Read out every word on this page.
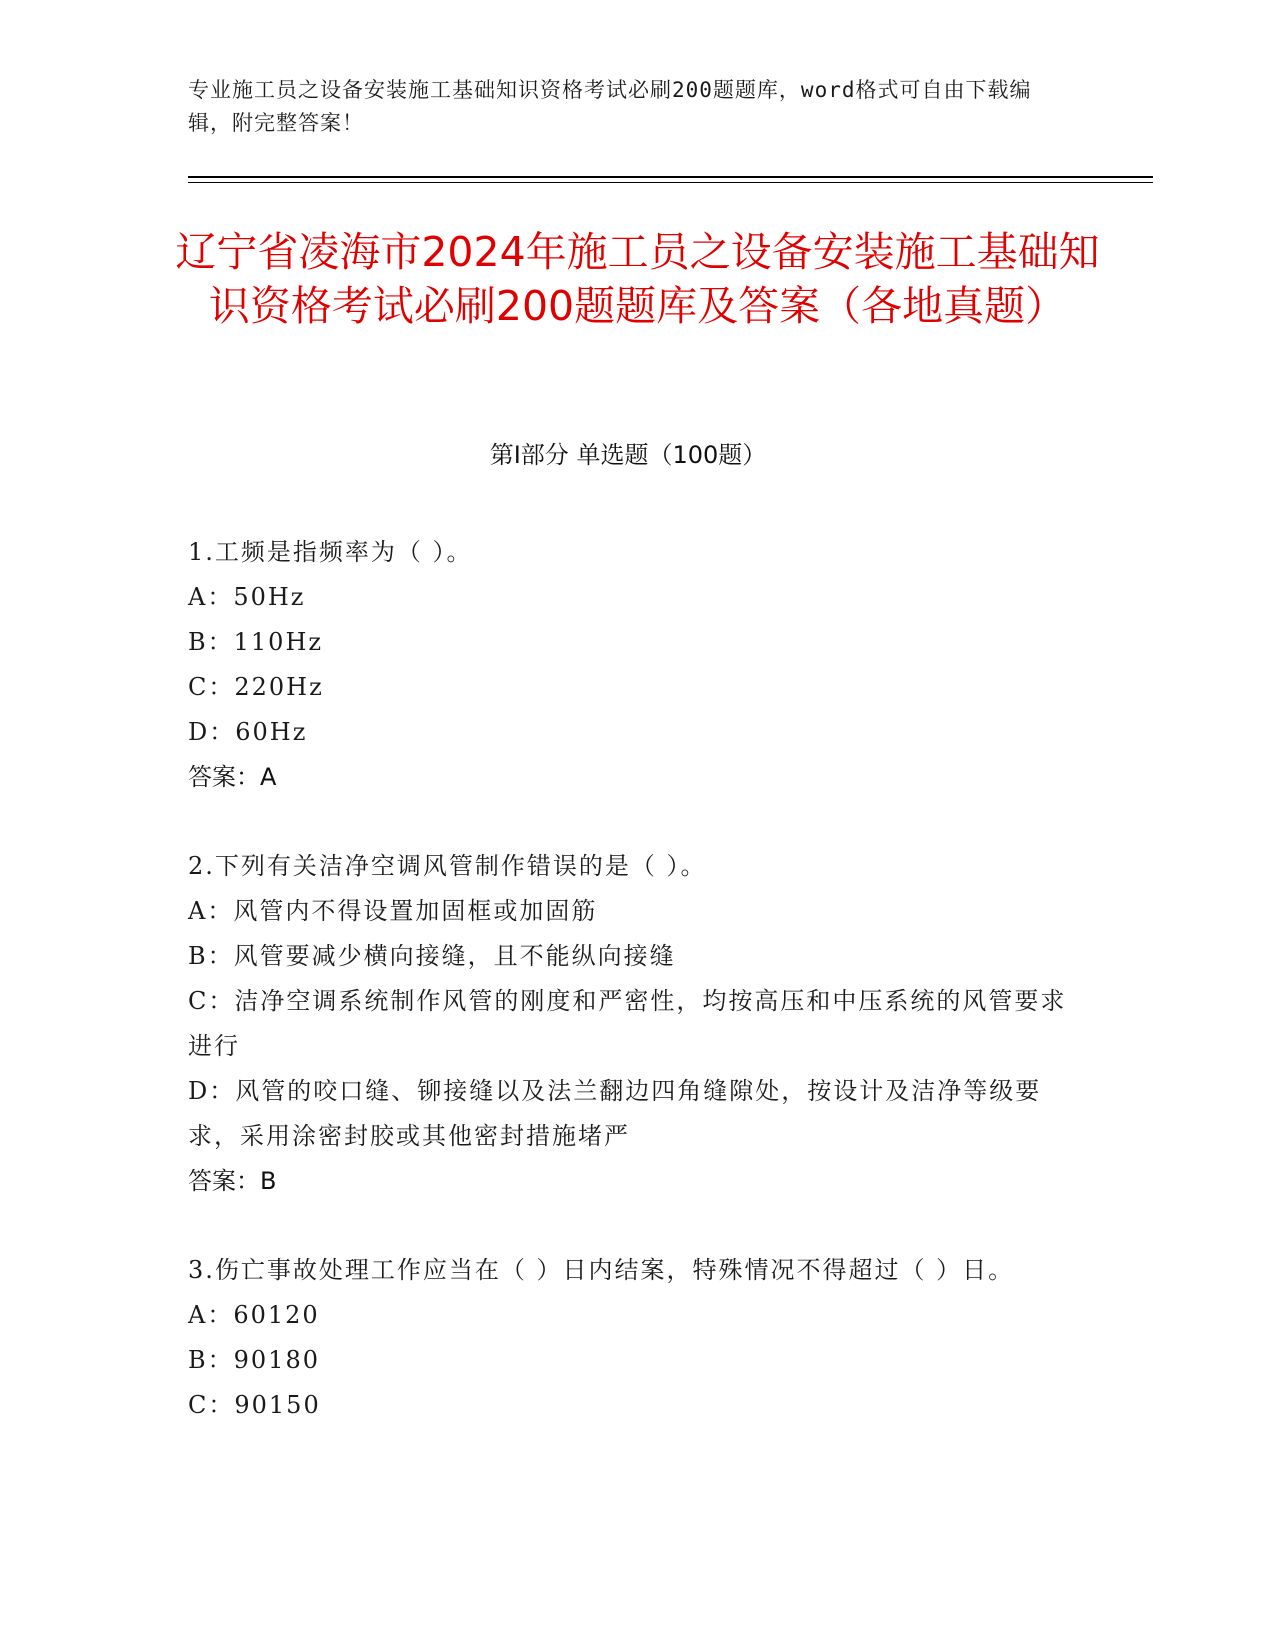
专业施工员之设备安装施工基础知识资格考试必刷200题题库，word格式可自由下载编辑，附完整答案！
辽宁省凌海市2024年施工员之设备安装施工基础知识资格考试必刷200题题库及答案（各地真题）
第Ⅰ部分 单选题（100题）
1.工频是指频率为（ ）。
A：50Hz
B：110Hz
C：220Hz
D：60Hz
答案：A
2.下列有关洁净空调风管制作错误的是（ ）。
A：风管内不得设置加固框或加固筋
B：风管要减少横向接缝，且不能纵向接缝
C：洁净空调系统制作风管的刚度和严密性，均按高压和中压系统的风管要求进行
D：风管的咬口缝、铆接缝以及法兰翻边四角缝隙处，按设计及洁净等级要求，采用涂密封胶或其他密封措施堵严
答案：B
3.伤亡事故处理工作应当在（ ）日内结案，特殊情况不得超过（ ）日。
A：60120
B：90180
C：90150
